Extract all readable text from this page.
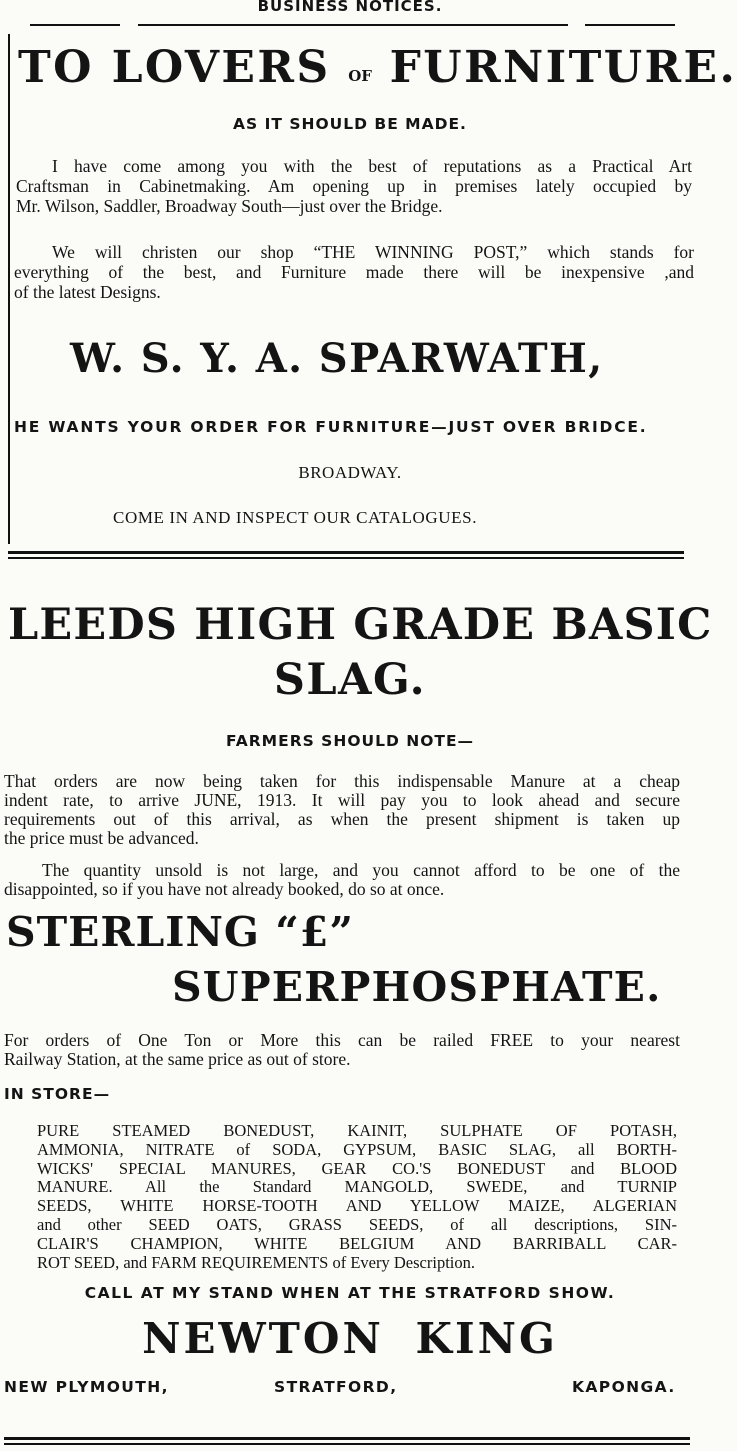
BUSINESS NOTICES.
TO LOVERS $^{OF}$ FURNITURE.
AS IT SHOULD BE MADE.
I have come among you with the best of reputations as a Practical Art
Craftsman in Cabinetmaking. Am opening up in premises lately occupied by
Mr. Wilson, Saddler, Broadway South—just over the Bridge.
We will christen our shop “THE WINNING POST,” which stands for
everything of the best, and Furniture made there will be inexpensive ,and
of the latest Designs.
W. S. Y. A. SPARWATH,
HE WANTS YOUR ORDER FOR FURNITURE—JUST OVER BRIDCE.
BROADWAY.
COME IN AND INSPECT OUR CATALOGUES.
LEEDS HIGH GRADE BASIC
SLAG.
FARMERS SHOULD NOTE—
That orders are now being taken for this indispensable Manure at a cheap
indent rate, to arrive JUNE, 1913. It will pay you to look ahead and secure
requirements out of this arrival, as when the present shipment is taken up
the price must be advanced.
The quantity unsold is not large, and you cannot afford to be one of the
disappointed, so if you have not already booked, do so at once.
STERLING “£”
SUPERPHOSPHATE.
For orders of One Ton or More this can be railed FREE to your nearest
Railway Station, at the same price as out of store.
IN STORE—
PURE STEAMED BONEDUST, KAINIT, SULPHATE OF POTASH,
AMMONIA, NITRATE of SODA, GYPSUM, BASIC SLAG, all BORTH-
WICKS' SPECIAL MANURES, GEAR CO.'S BONEDUST and BLOOD
MANURE. All the Standard MANGOLD, SWEDE, and TURNIP
SEEDS, WHITE HORSE-TOOTH AND YELLOW MAIZE, ALGERIAN
and other SEED OATS, GRASS SEEDS, of all descriptions, SIN-
CLAIR'S CHAMPION, WHITE BELGIUM AND BARRIBALL CAR-
ROT SEED, and FARM REQUIREMENTS of Every Description.
CALL AT MY STAND WHEN AT THE STRATFORD SHOW.
NEWTON KING
NEW PLYMOUTH,	STRATFORD,	KAPONGA.
